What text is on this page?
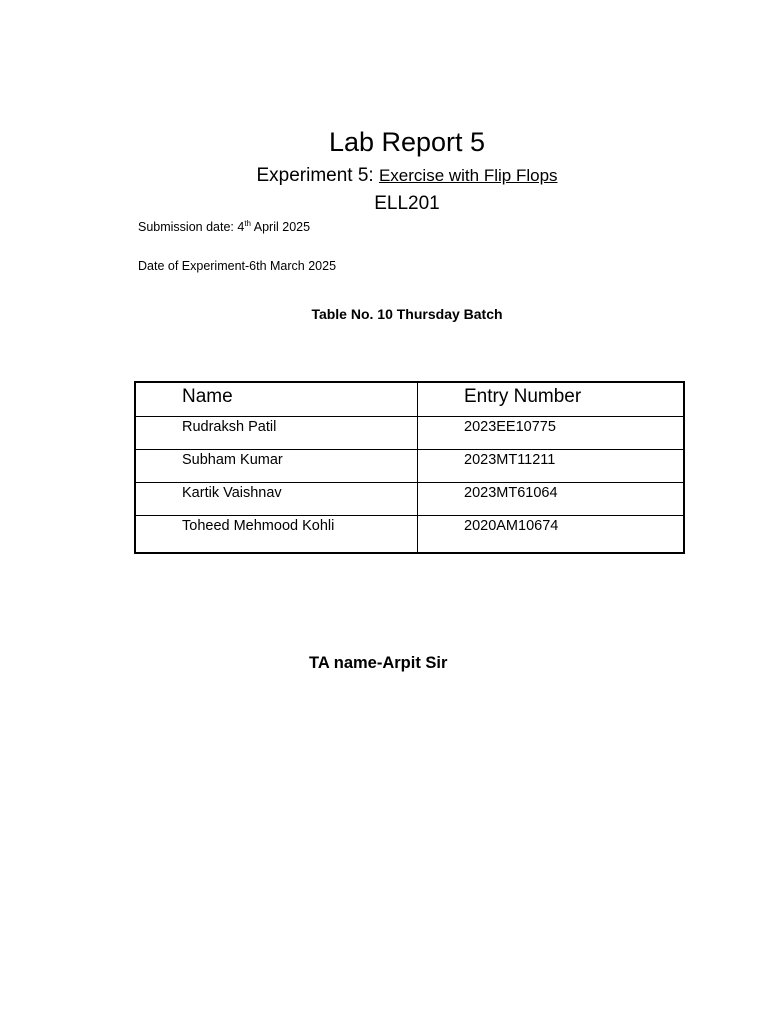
Lab Report 5
Experiment 5: Exercise with Flip Flops
ELL201
Submission date: 4th April 2025
Date of Experiment-6th March 2025
Table No. 10 Thursday Batch
Name	Entry Number
Rudraksh Patil	2023EE10775
Subham Kumar	2023MT11211
Kartik Vaishnav	2023MT61064
Toheed Mehmood Kohli	2020AM10674
TA name-Arpit Sir
